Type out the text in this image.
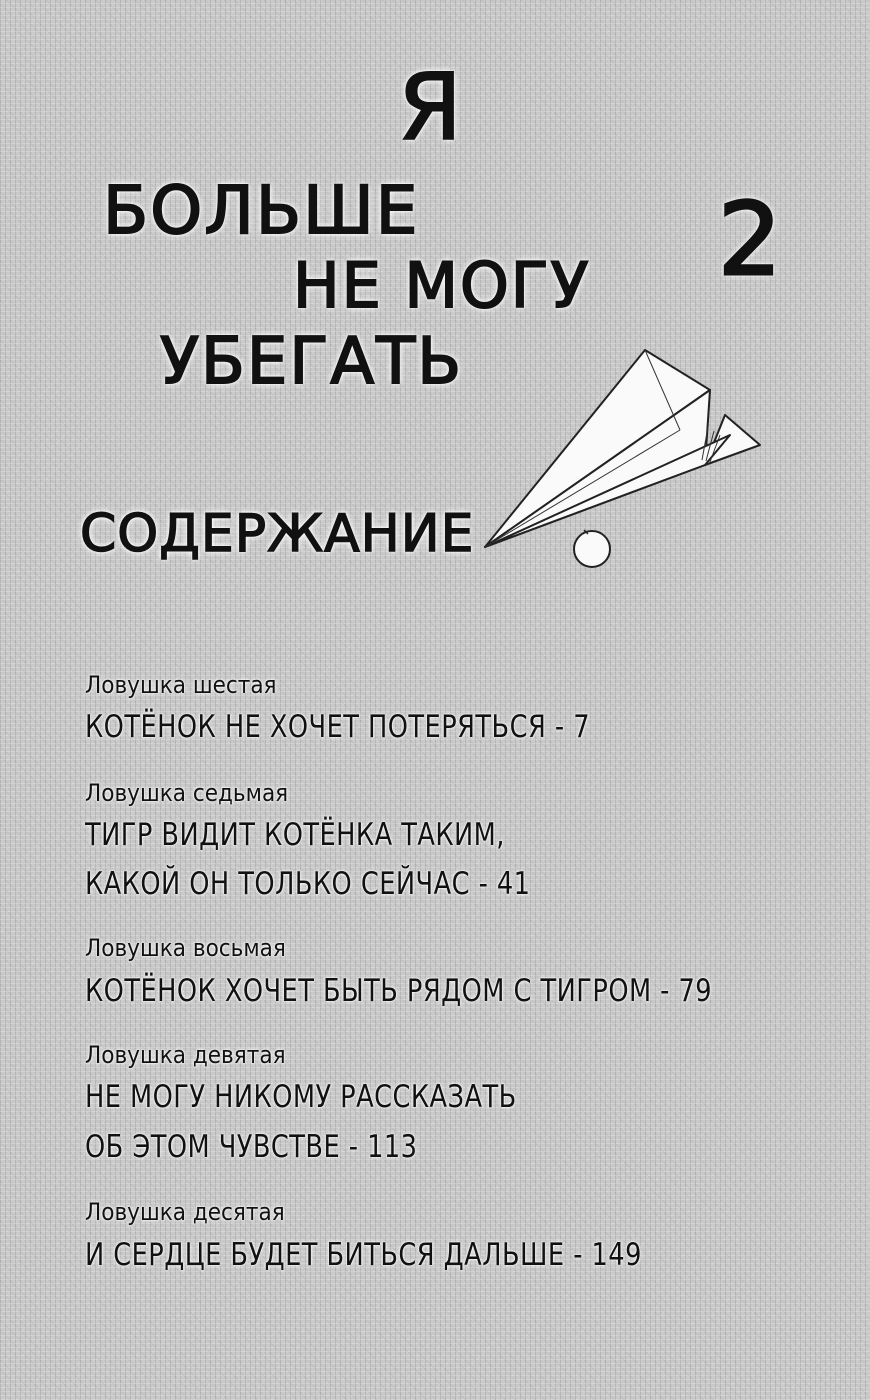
Я
БОЛЬШЕ
НЕ МОГУ
УБЕГАТЬ
2
СОДЕРЖАНИЕ
Ловушка шестая
КОТЁНОК НЕ ХОЧЕТ ПОТЕРЯТЬСЯ - 7
Ловушка седьмая
ТИГР ВИДИТ КОТЁНКА ТАКИМ,
КАКОЙ ОН ТОЛЬКО СЕЙЧАС - 41
Ловушка восьмая
КОТЁНОК ХОЧЕТ БЫТЬ РЯДОМ С ТИГРОМ - 79
Ловушка девятая
НЕ МОГУ НИКОМУ РАССКАЗАТЬ
ОБ ЭТОМ ЧУВСТВЕ - 113
Ловушка десятая
И СЕРДЦЕ БУДЕТ БИТЬСЯ ДАЛЬШЕ - 149
